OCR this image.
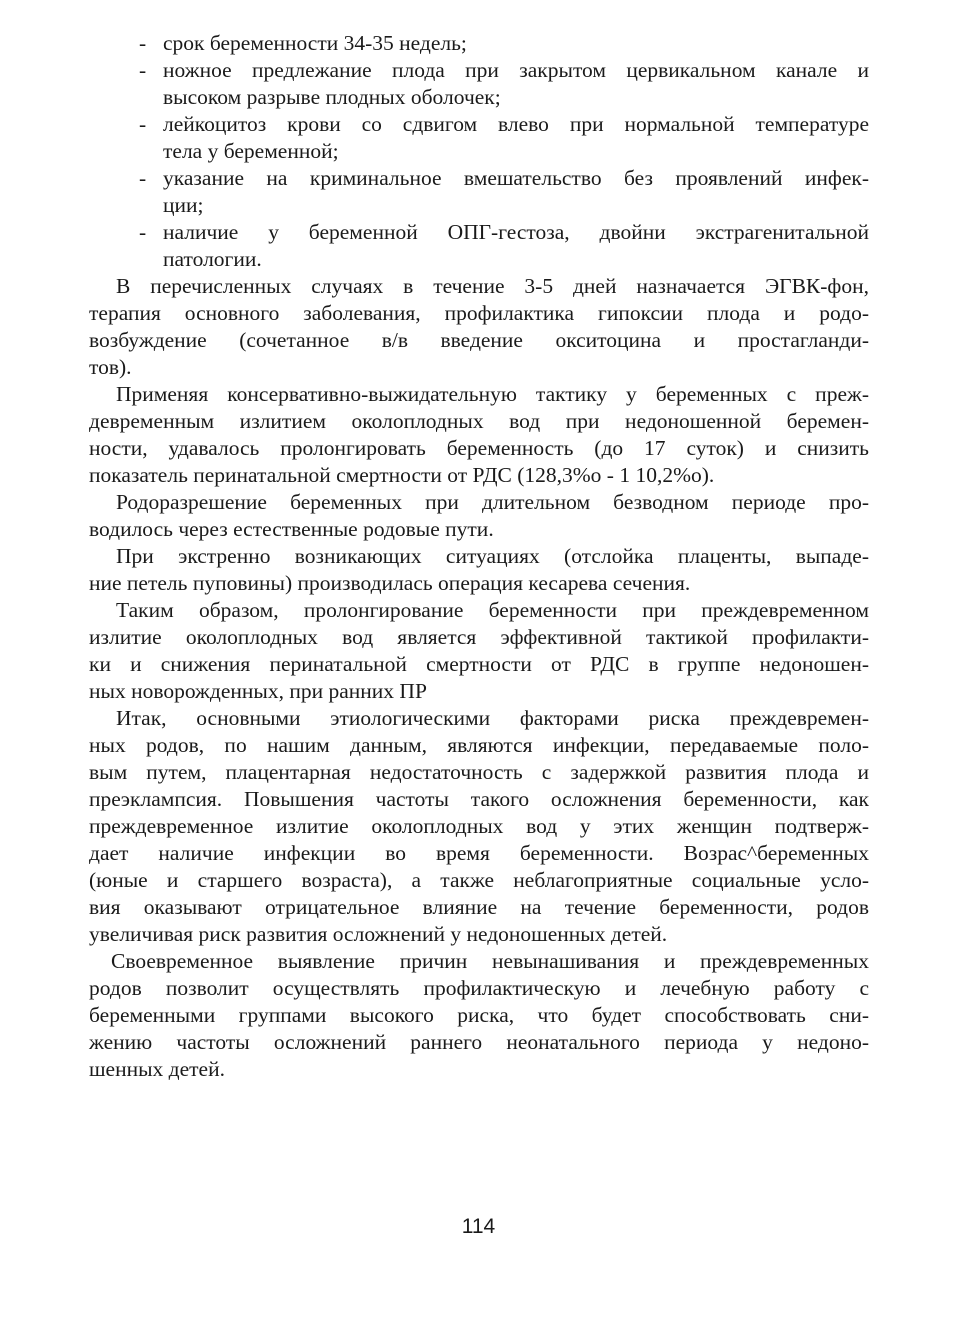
- срок беременности 34-35 недель;
- ножное предлежание плода при закрытом цервикальном канале и
высоком разрыве плодных оболочек;
- лейкоцитоз крови со сдвигом влево при нормальной температуре
тела у беременной;
- указание на криминальное вмешательство без проявлений инфек-
ции;
- наличие у беременной ОПГ-гестоза, двойни экстрагенитальной
патологии.
В перечисленных случаях в течение 3-5 дней назначается ЭГВК-фон,
терапия основного заболевания, профилактика гипоксии плода и родо-
возбуждение (сочетанное в/в введение окситоцина и простагланди-
тов).
Применяя консервативно-выжидательную тактику у беременных с преж-
девременным излитием околоплодных вод при недоношенной беремен-
ности, удавалось пролонгировать беременность (до 17 суток) и снизить
показатель перинатальной смертности от РДС (128,3%о - 1 10,2%о).
Родоразрешение беременных при длительном безводном периоде про-
водилось через естественные родовые пути.
При экстренно возникающих ситуациях (отслойка плаценты, выпаде-
ние петель пуповины) производилась операция кесарева сечения.
Таким образом, пролонгирование беременности при преждевременном
излитие околоплодных вод является эффективной тактикой профилакти-
ки и снижения перинатальной смертности от РДС в группе недоношен-
ных новорожденных, при ранних ПР
Итак, основными этиологическими факторами риска преждевремен-
ных родов, по нашим данным, являются инфекции, передаваемые поло-
вым путем, плацентарная недостаточность с задержкой развития плода и
преэклампсия. Повышения частоты такого осложнения беременности, как
преждевременное излитие околоплодных вод у этих женщин подтверж-
дает наличие инфекции во время беременности. Возрас^беременных
(юные и старшего возраста), а также неблагоприятные социальные усло-
вия оказывают отрицательное влияние на течение беременности, родов
увеличивая риск развития осложнений у недоношенных детей.
Своевременное выявление причин невынашивания и преждевременных
родов позволит осуществлять профилактическую и лечебную работу с
беременными группами высокого риска, что будет способствовать сни-
жению частоты осложнений раннего неонатального периода у недоно-
шенных детей.
114
